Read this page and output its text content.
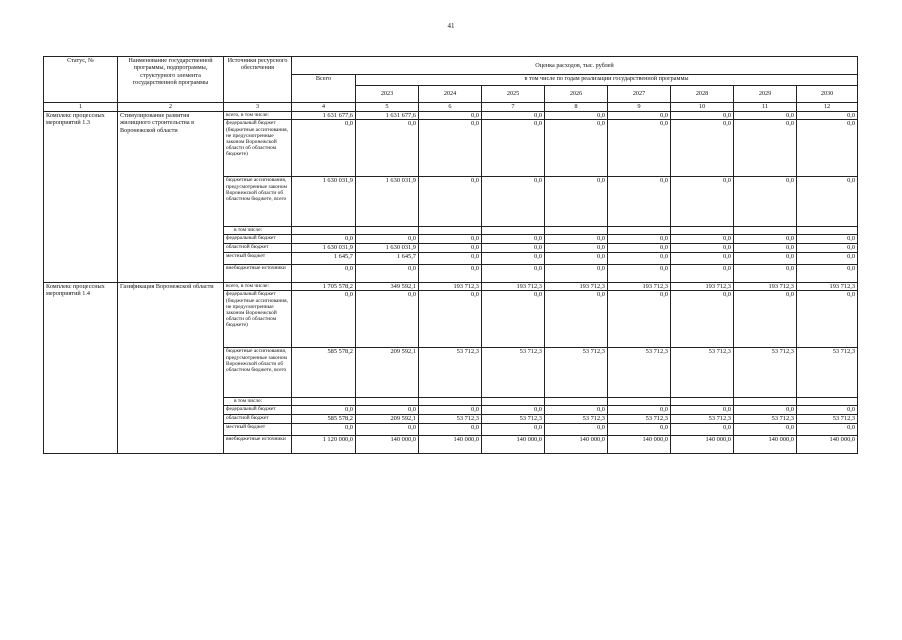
41
Статус, №	Наименование государственной программы, подпрограммы, структурного элемента государственной программы	Источники ресурсного обеспечения	Оценка расходов, тыс. рублей								
			Всего	в том числе по годам реализации государственной программы							
				2023	2024	2025	2026	2027	2028	2029	2030
1	2	3	4	5	6	7	8	9	10	11	12
Комплекс процессных мероприятий 1.3	Стимулирование развития жилищного строительства в Воронежской области	всего, в том числе:	1 631 677,6	1 631 677,6	0,0	0,0	0,0	0,0	0,0	0,0	0,0
		федеральный бюджет (бюджетные ассигнования, не предусмотренные законом Воронежской области об областном бюджете)	0,0	0,0	0,0	0,0	0,0	0,0	0,0	0,0	0,0
		бюджетные ассигнования, предусмотренные законом Воронежской области об областном бюджете, всего	1 630 031,9	1 630 031,9	0,0	0,0	0,0	0,0	0,0	0,0	0,0
		в том числе:									
		федеральный бюджет	0,0	0,0	0,0	0,0	0,0	0,0	0,0	0,0	0,0
		областной бюджет	1 630 031,9	1 630 031,9	0,0	0,0	0,0	0,0	0,0	0,0	0,0
		местный бюджет	1 645,7	1 645,7	0,0	0,0	0,0	0,0	0,0	0,0	0,0
		внебюджетные источники	0,0	0,0	0,0	0,0	0,0	0,0	0,0	0,0	0,0
Комплекс процессных мероприятий 1.4	Газификация Воронежской области	всего, в том числе:	1 705 578,2	349 592,1	193 712,3	193 712,3	193 712,3	193 712,3	193 712,3	193 712,3	193 712,3
		федеральный бюджет (бюджетные ассигнования, не предусмотренные законом Воронежской области об областном бюджете)	0,0	0,0	0,0	0,0	0,0	0,0	0,0	0,0	0,0
		бюджетные ассигнования, предусмотренные законом Воронежской области об областном бюджете, всего	585 578,2	209 592,1	53 712,3	53 712,3	53 712,3	53 712,3	53 712,3	53 712,3	53 712,3
		в том числе:									
		федеральный бюджет	0,0	0,0	0,0	0,0	0,0	0,0	0,0	0,0	0,0
		областной бюджет	585 578,2	209 592,1	53 712,3	53 712,3	53 712,3	53 712,3	53 712,3	53 712,3	53 712,3
		местный бюджет	0,0	0,0	0,0	0,0	0,0	0,0	0,0	0,0	0,0
		внебюджетные источники	1 120 000,0	140 000,0	140 000,0	140 000,0	140 000,0	140 000,0	140 000,0	140 000,0	140 000,0
